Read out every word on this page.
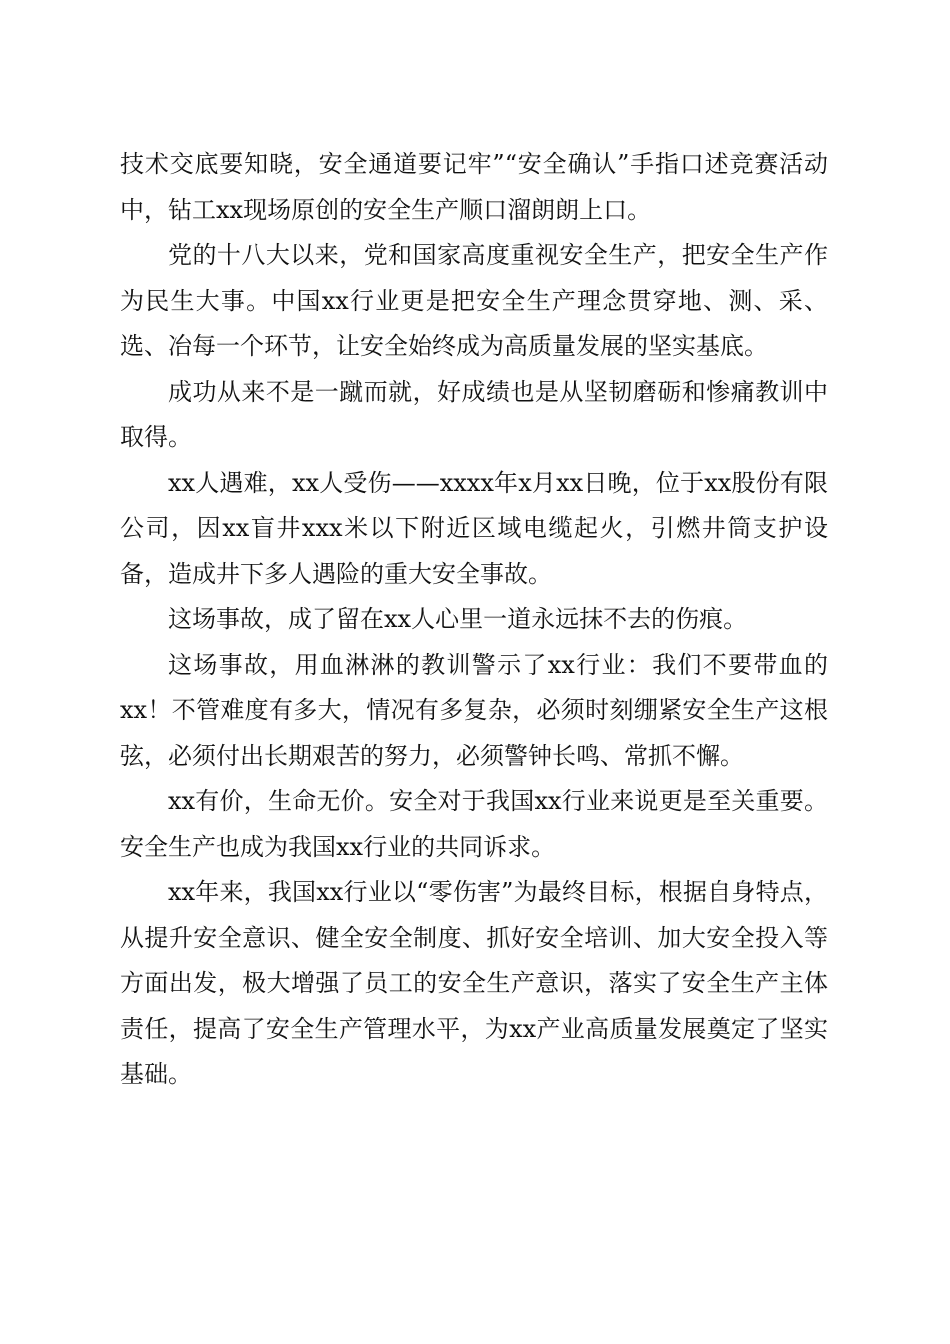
技术交底要知晓，安全通道要记牢”“安全确认”手指口述竞赛活动中，钻工xx现场原创的安全生产顺口溜朗朗上口。

党的十八大以来，党和国家高度重视安全生产，把安全生产作为民生大事。中国xx行业更是把安全生产理念贯穿地、测、采、选、冶每一个环节，让安全始终成为高质量发展的坚实基底。

成功从来不是一蹴而就，好成绩也是从坚韧磨砺和惨痛教训中取得。

xx人遇难，xx人受伤——xxxx年x月xx日晚，位于xx股份有限公司，因xx盲井xxx米以下附近区域电缆起火，引燃井筒支护设备，造成井下多人遇险的重大安全事故。

这场事故，成了留在xx人心里一道永远抹不去的伤痕。

这场事故，用血淋淋的教训警示了xx行业：我们不要带血的xx！不管难度有多大，情况有多复杂，必须时刻绷紧安全生产这根弦，必须付出长期艰苦的努力，必须警钟长鸣、常抓不懈。

xx有价，生命无价。安全对于我国xx行业来说更是至关重要。安全生产也成为我国xx行业的共同诉求。

xx年来，我国xx行业以“零伤害”为最终目标，根据自身特点，从提升安全意识、健全安全制度、抓好安全培训、加大安全投入等方面出发，极大增强了员工的安全生产意识，落实了安全生产主体责任，提高了安全生产管理水平，为xx产业高质量发展奠定了坚实基础。
